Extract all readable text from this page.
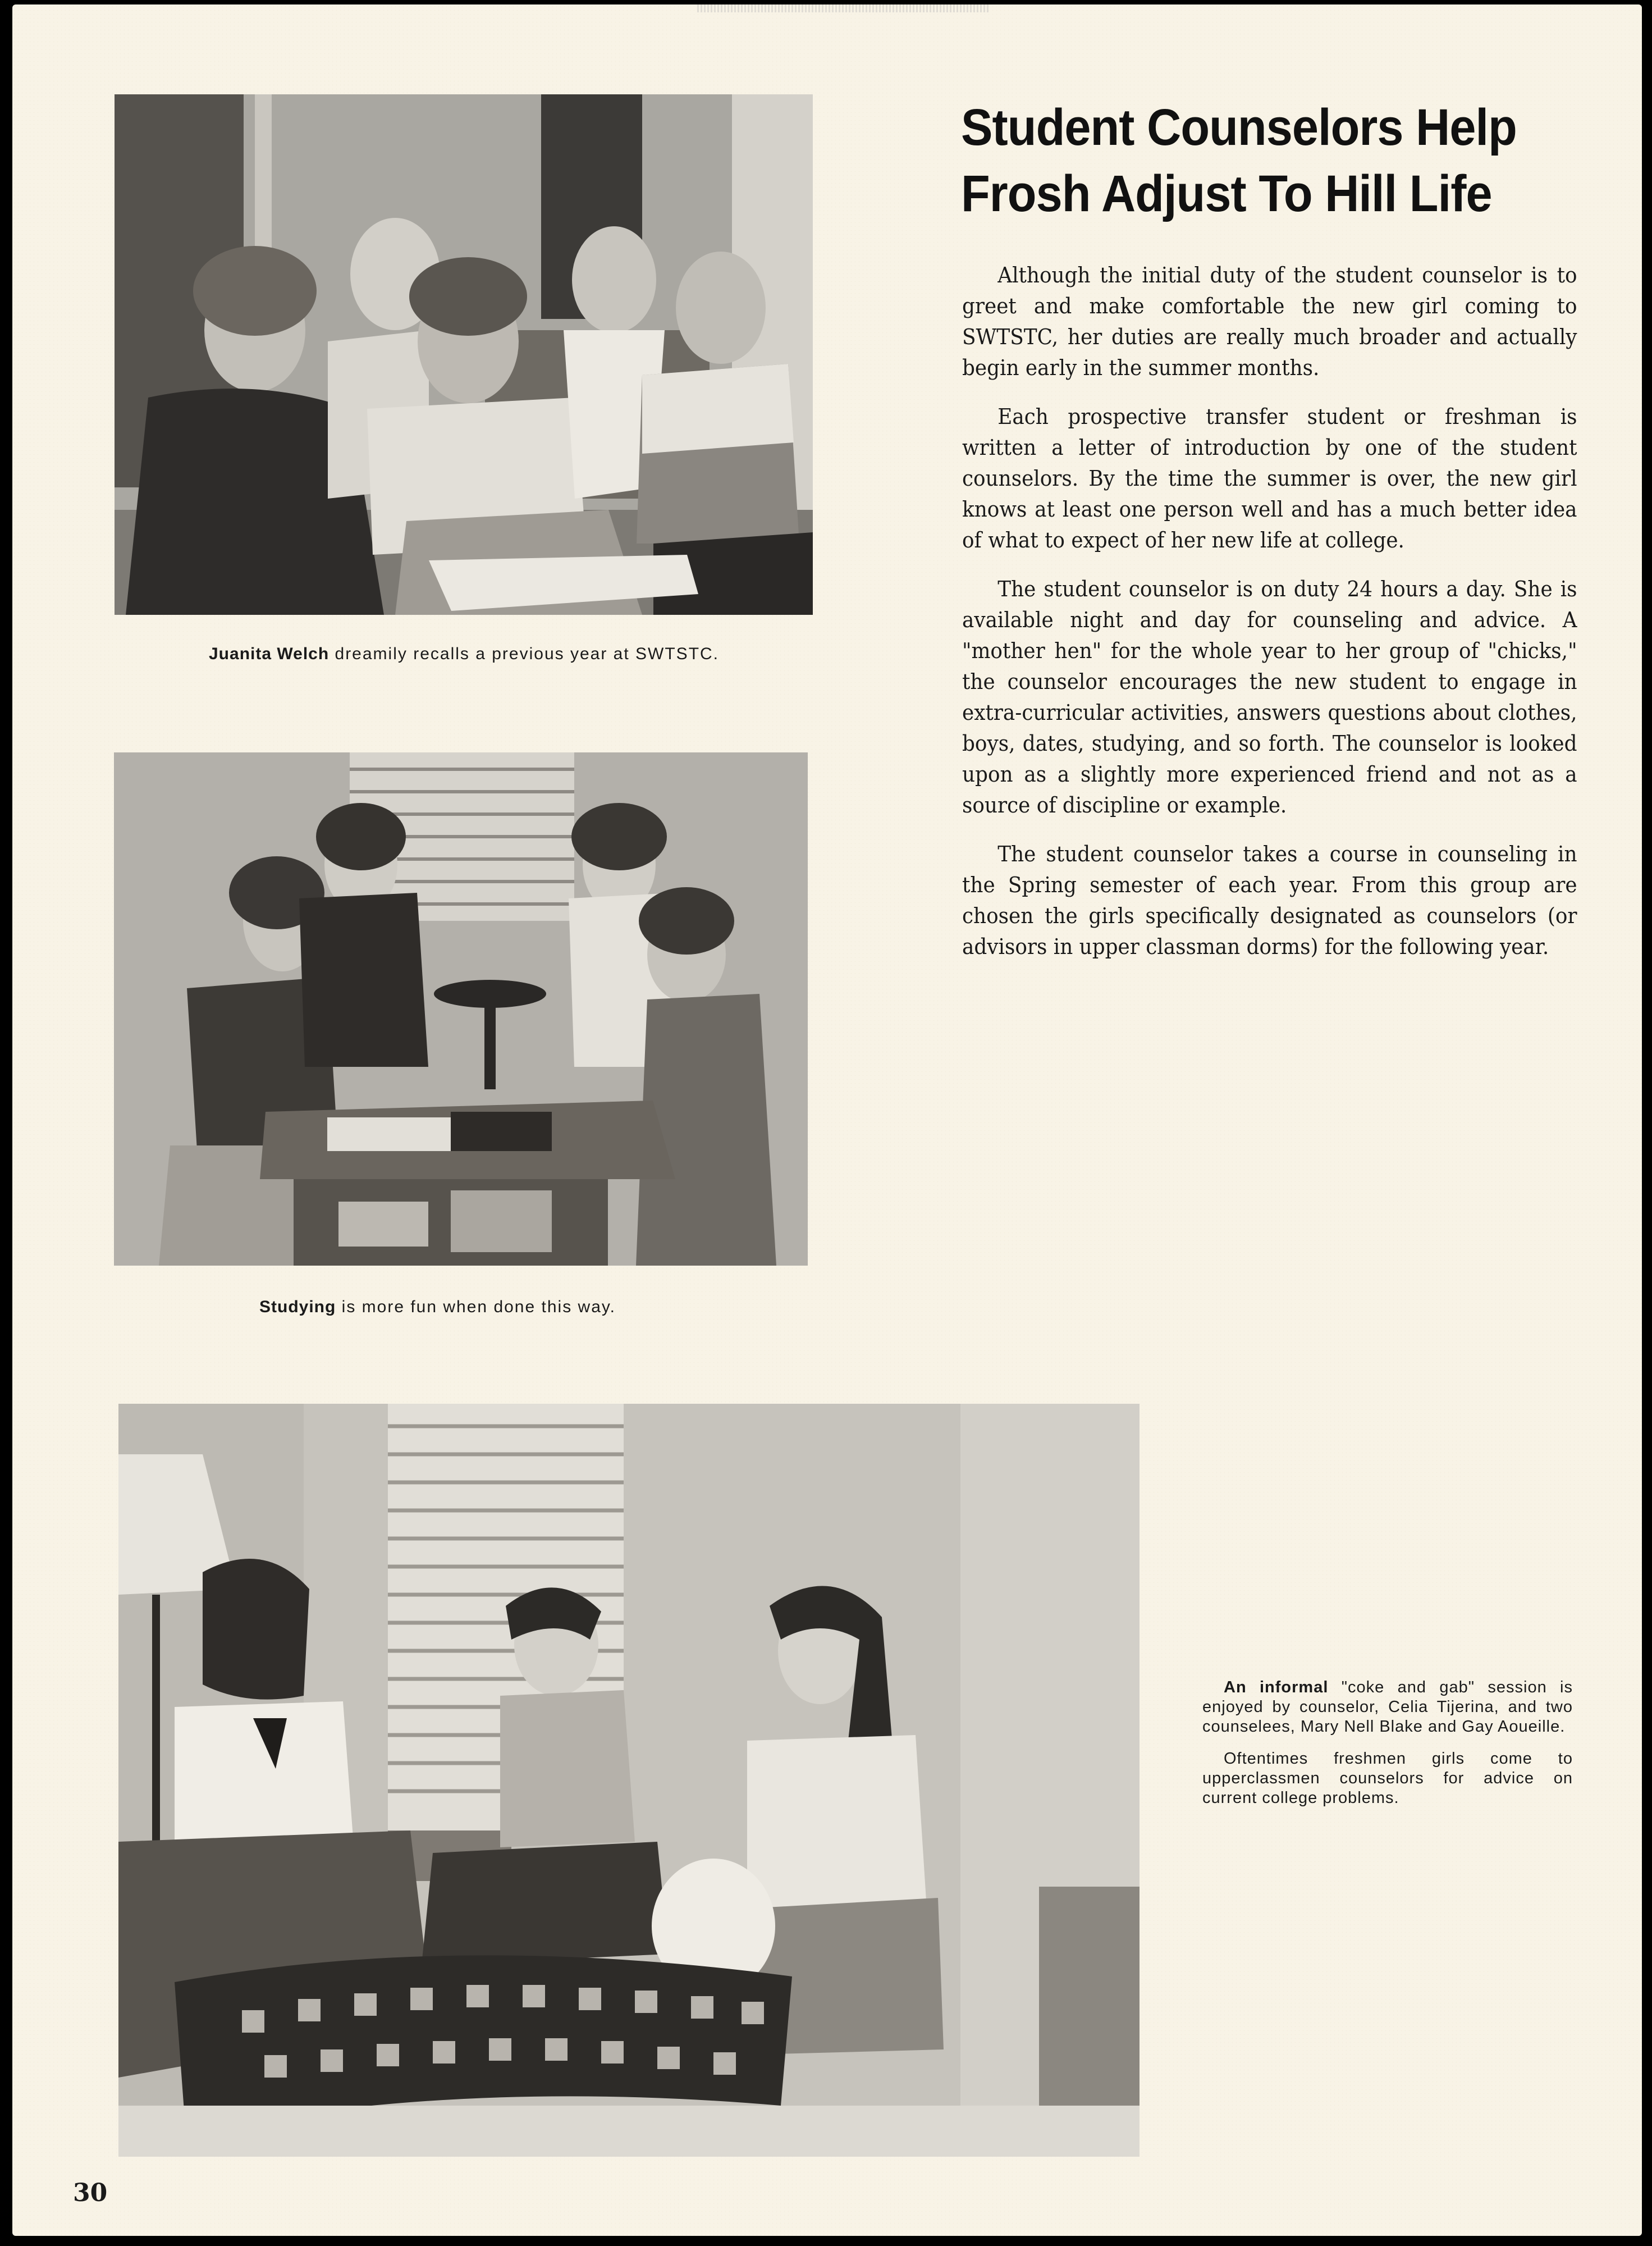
Juanita Welch dreamily recalls a previous year at SWTSTC.
Studying is more fun when done this way.
Student Counselors Help
Frosh Adjust To Hill Life

Although the initial duty of the student counselor is to greet and make comfortable the new girl coming to SWTSTC, her duties are really much broader and actually begin early in the summer months.

Each prospective transfer student or freshman is written a letter of introduction by one of the student counselors. By the time the summer is over, the new girl knows at least one person well and has a much better idea of what to expect of her new life at college.

The student counselor is on duty 24 hours a day. She is available night and day for counseling and advice. A "mother hen" for the whole year to her group of "chicks," the counselor encourages the new student to engage in extra-curricular activities, answers questions about clothes, boys, dates, studying, and so forth. The counselor is looked upon as a slightly more experienced friend and not as a source of discipline or example.

The student counselor takes a course in counseling in the Spring semester of each year. From this group are chosen the girls specifically designated as counselors (or advisors in upper classman dorms) for the following year.

An informal "coke and gab" session is enjoyed by counselor, Celia Tijerina, and two counselees, Mary Nell Blake and Gay Aoueille.

Oftentimes freshmen girls come to upperclassmen counselors for advice on current college problems.

30
